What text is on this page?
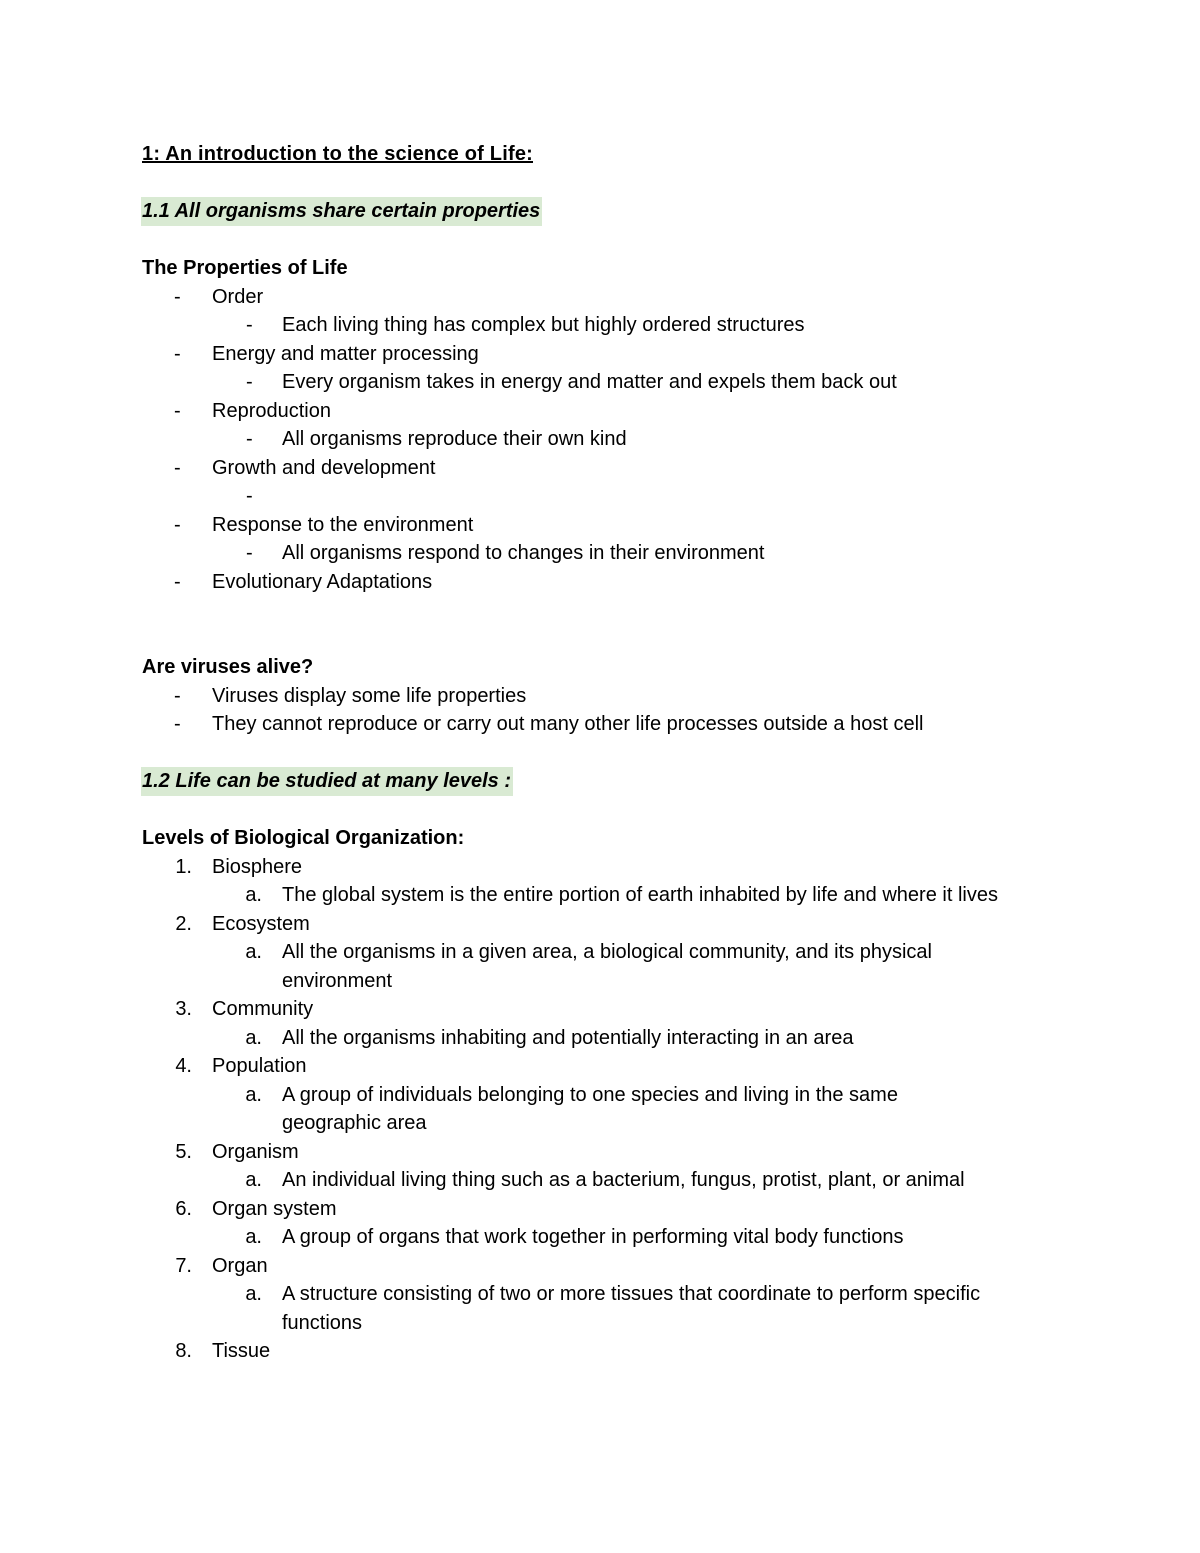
1: An introduction to the science of Life:
1.1 All organisms share certain properties
The Properties of Life
-	Order
-	Each living thing has complex but highly ordered structures
-	Energy and matter processing
-	Every organism takes in energy and matter and expels them back out
-	Reproduction
-	All organisms reproduce their own kind
-	Growth and development
-
-	Response to the environment
-	All organisms respond to changes in their environment
-	Evolutionary Adaptations
Are viruses alive?
-	Viruses display some life properties
-	They cannot reproduce or carry out many other life processes outside a host cell
1.2 Life can be studied at many levels :
Levels of Biological Organization:
1. Biosphere
a. The global system is the entire portion of earth inhabited by life and where it lives
2. Ecosystem
a. All the organisms in a given area, a biological community, and its physical
environment
3. Community
a. All the organisms inhabiting and potentially interacting in an area
4. Population
a. A group of individuals belonging to one species and living in the same
geographic area
5. Organism
a. An individual living thing such as a bacterium, fungus, protist, plant, or animal
6. Organ system
a. A group of organs that work together in performing vital body functions
7. Organ
a. A structure consisting of two or more tissues that coordinate to perform specific
functions
8. Tissue
